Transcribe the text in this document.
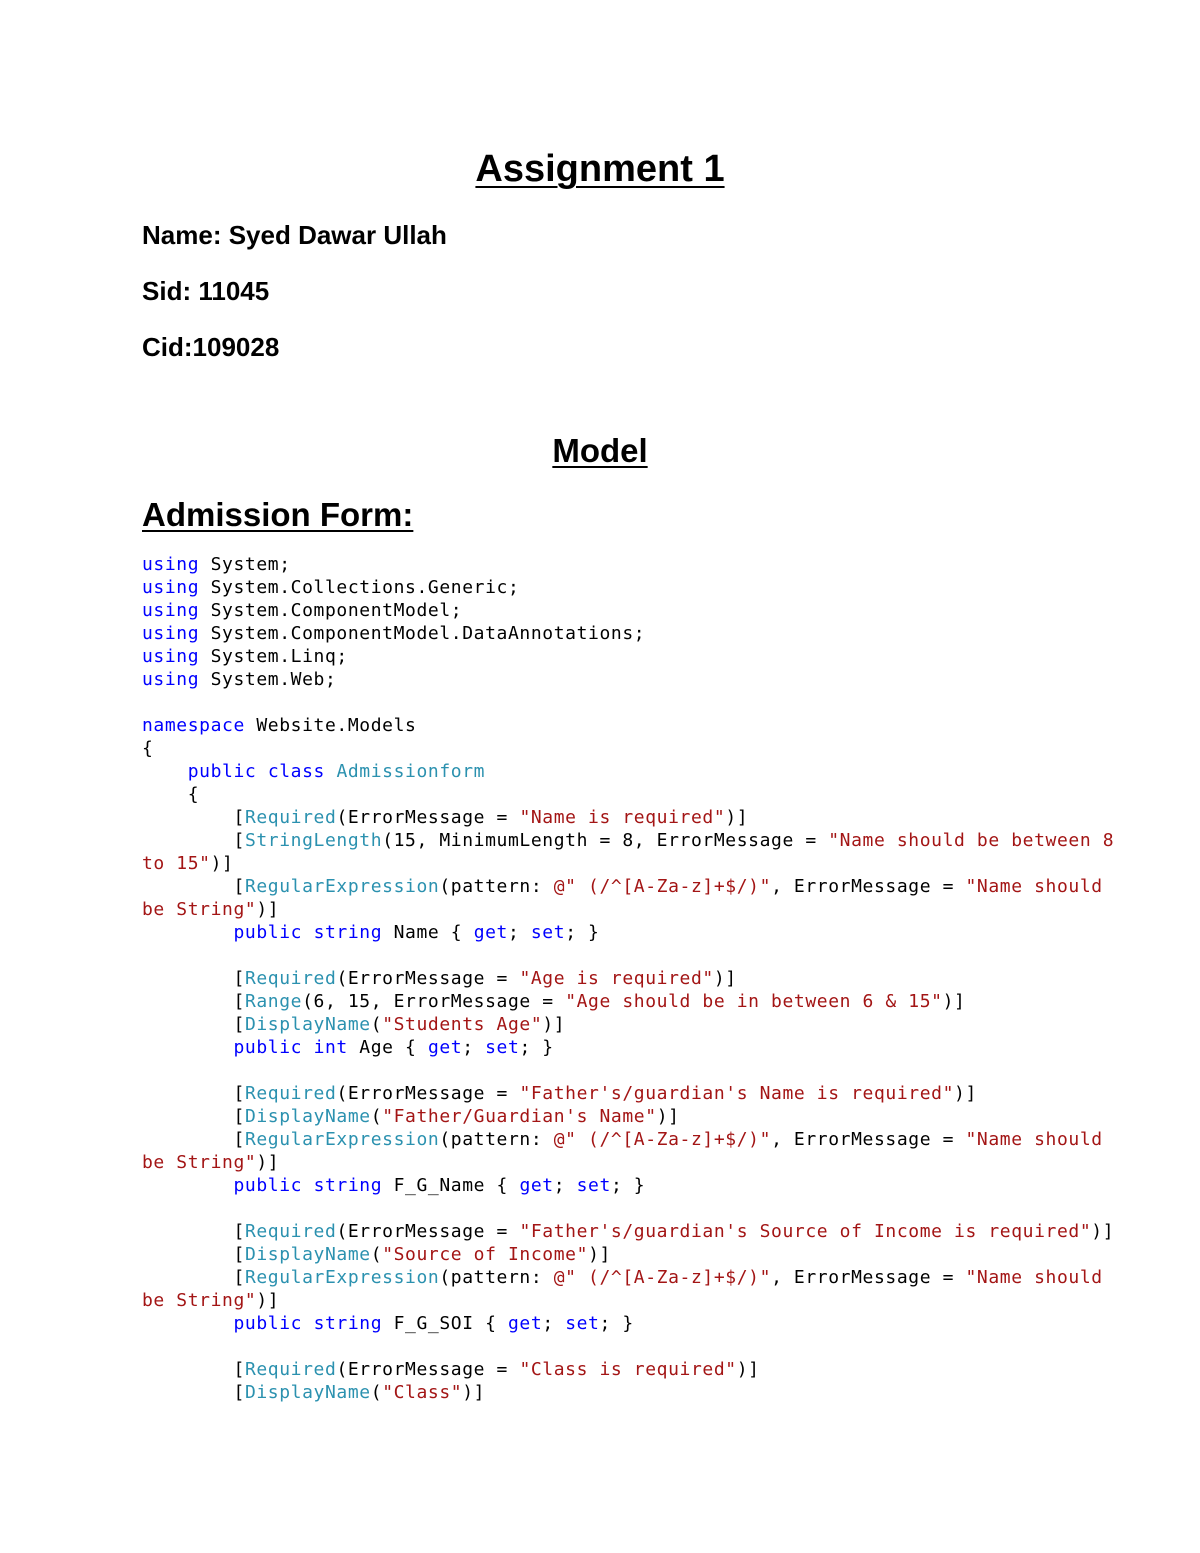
Assignment 1

Name: Syed Dawar Ullah

Sid: 11045

Cid:109028

Model
Admission Form:
using System;
using System.Collections.Generic;
using System.ComponentModel;
using System.ComponentModel.DataAnnotations;
using System.Linq;
using System.Web;

namespace Website.Models
{
public class Admissionform
{
[Required(ErrorMessage = "Name is required")]
[StringLength(15, MinimumLength = 8, ErrorMessage = "Name should be between 8
to 15")]
[RegularExpression(pattern: @" (/^[A-Za-z]+$/)", ErrorMessage = "Name should
be String")]
public string Name { get; set; }

[Required(ErrorMessage = "Age is required")]
[Range(6, 15, ErrorMessage = "Age should be in between 6 & 15")]
[DisplayName("Students Age")]
public int Age { get; set; }

[Required(ErrorMessage = "Father's/guardian's Name is required")]
[DisplayName("Father/Guardian's Name")]
[RegularExpression(pattern: @" (/^[A-Za-z]+$/)", ErrorMessage = "Name should
be String")]
public string F_G_Name { get; set; }

[Required(ErrorMessage = "Father's/guardian's Source of Income is required")]
[DisplayName("Source of Income")]
[RegularExpression(pattern: @" (/^[A-Za-z]+$/)", ErrorMessage = "Name should
be String")]
public string F_G_SOI { get; set; }

[Required(ErrorMessage = "Class is required")]
[DisplayName("Class")]
